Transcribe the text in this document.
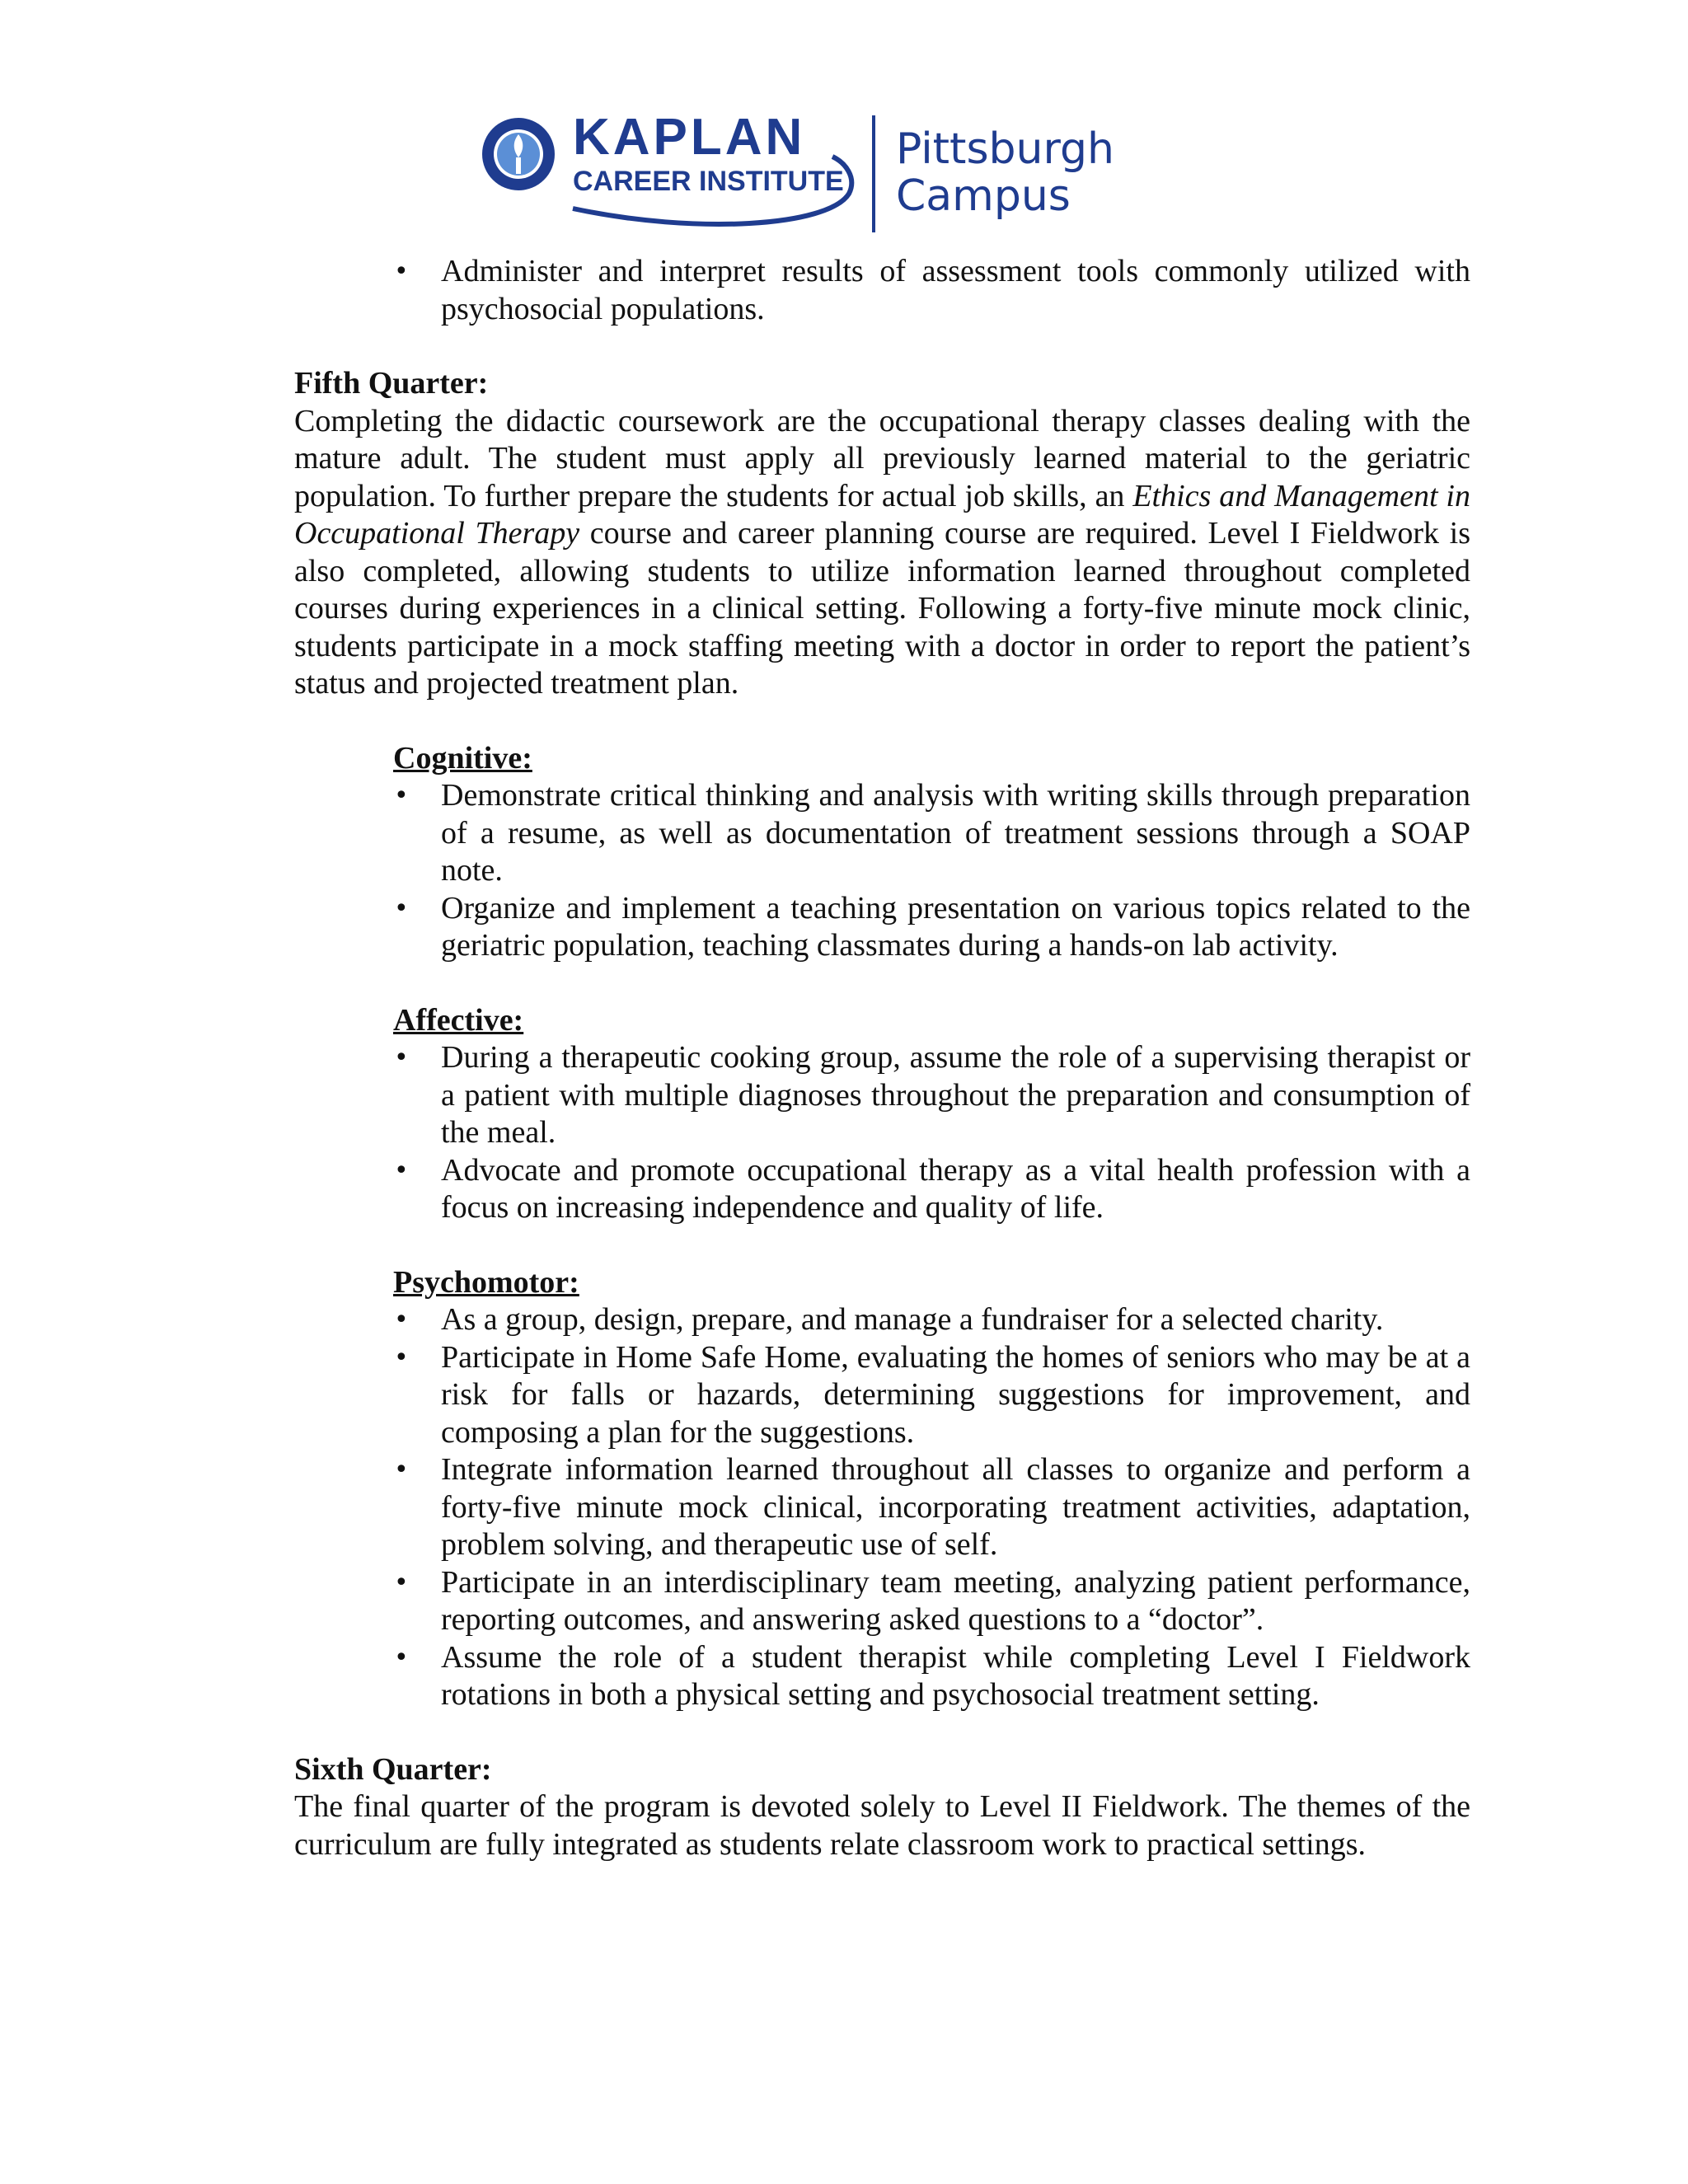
KAPLAN
CAREER INSTITUTE
Pittsburgh
Campus
• Administer and interpret results of assessment tools commonly utilized with psychosocial populations.

Fifth Quarter:

Completing the didactic coursework are the occupational therapy classes dealing with the mature adult. The student must apply all previously learned material to the geriatric population. To further prepare the students for actual job skills, an Ethics and Management in Occupational Therapy course and career planning course are required. Level I Fieldwork is also completed, allowing students to utilize information learned throughout completed courses during experiences in a clinical setting. Following a forty-five minute mock clinic, students participate in a mock staffing meeting with a doctor in order to report the patient’s status and projected treatment plan.

Cognitive:

• Demonstrate critical thinking and analysis with writing skills through preparation of a resume, as well as documentation of treatment sessions through a SOAP note.
• Organize and implement a teaching presentation on various topics related to the geriatric population, teaching classmates during a hands-on lab activity.

Affective:

• During a therapeutic cooking group, assume the role of a supervising therapist or a patient with multiple diagnoses throughout the preparation and consumption of the meal.
• Advocate and promote occupational therapy as a vital health profession with a focus on increasing independence and quality of life.

Psychomotor:

• As a group, design, prepare, and manage a fundraiser for a selected charity.
• Participate in Home Safe Home, evaluating the homes of seniors who may be at a risk for falls or hazards, determining suggestions for improvement, and composing a plan for the suggestions.
• Integrate information learned throughout all classes to organize and perform a forty-five minute mock clinical, incorporating treatment activities, adaptation, problem solving, and therapeutic use of self.
• Participate in an interdisciplinary team meeting, analyzing patient performance, reporting outcomes, and answering asked questions to a “doctor”.
• Assume the role of a student therapist while completing Level I Fieldwork rotations in both a physical setting and psychosocial treatment setting.

Sixth Quarter:

The final quarter of the program is devoted solely to Level II Fieldwork. The themes of the curriculum are fully integrated as students relate classroom work to practical settings.
